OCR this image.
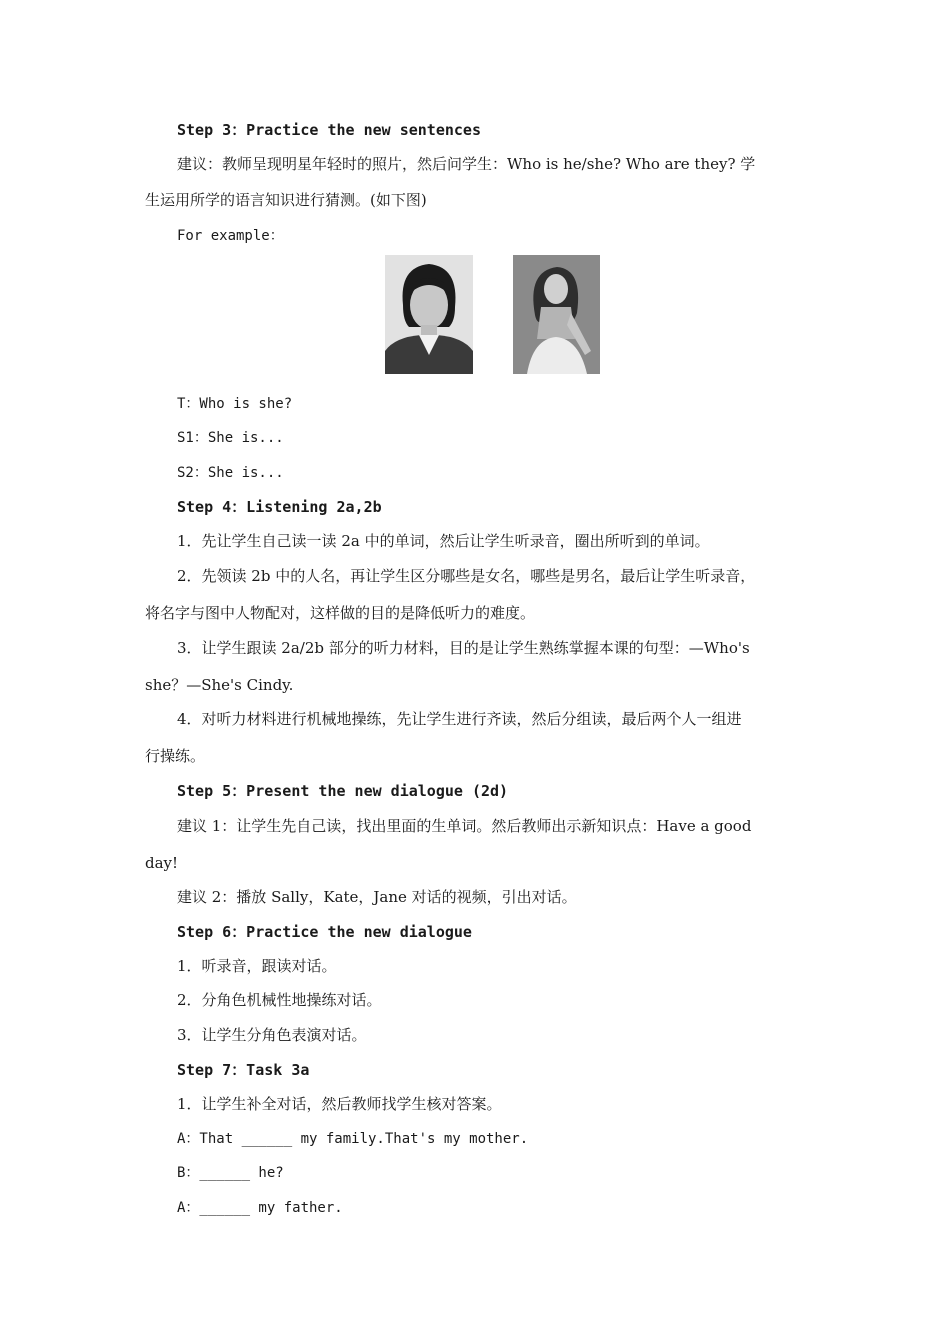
Step 3：Practice the new sentences
建议：教师呈现明星年轻时的照片，然后问学生：Who is he/she? Who are they? 学
生运用所学的语言知识进行猜测。(如下图)
For example：
T：Who is she?
S1：She is...
S2：She is...
Step 4：Listening 2a,2b
1．先让学生自己读一读 2a 中的单词，然后让学生听录音，圈出所听到的单词。
2．先领读 2b 中的人名，再让学生区分哪些是女名，哪些是男名，最后让学生听录音，
将名字与图中人物配对，这样做的目的是降低听力的难度。
3．让学生跟读 2a/2b 部分的听力材料，目的是让学生熟练掌握本课的句型：—Who's
she？—She's Cindy.
4．对听力材料进行机械地操练，先让学生进行齐读，然后分组读，最后两个人一组进
行操练。
Step 5：Present the new dialogue (2d)
建议 1：让学生先自己读，找出里面的生单词。然后教师出示新知识点：Have a good
day!
建议 2：播放 Sally，Kate，Jane 对话的视频，引出对话。
Step 6：Practice the new dialogue
1．听录音，跟读对话。
2．分角色机械性地操练对话。
3．让学生分角色表演对话。
Step 7：Task 3a
1．让学生补全对话，然后教师找学生核对答案。
A：That ______ my family.That's my mother.
B：______ he?
A：______ my father.
